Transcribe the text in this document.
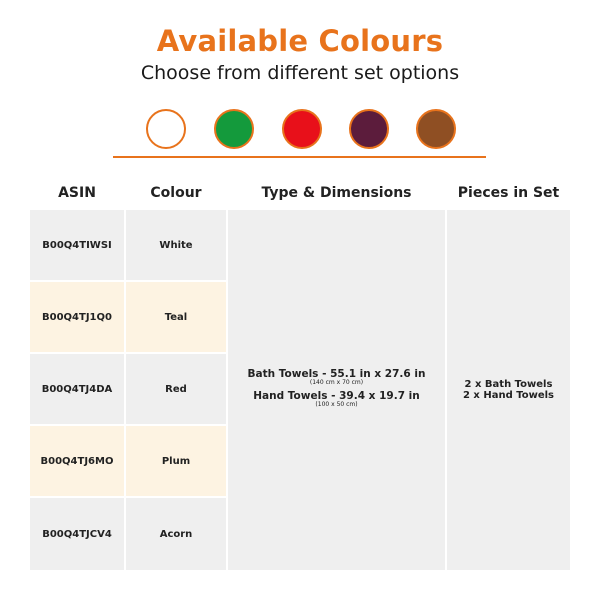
Available Colours
Choose from different set options
ASIN	Colour	Type & Dimensions	Pieces in Set
B00Q4TIWSI	White
B00Q4TJ1Q0	Teal
B00Q4TJ4DA	Red
B00Q4TJ6MO	Plum
B00Q4TJCV4	Acorn
Bath Towels - 55.1 in x 27.6 in
(140 cm x 70 cm)
Hand Towels - 39.4 x 19.7 in
(100 x 50 cm)
2 x Bath Towels
2 x Hand Towels
